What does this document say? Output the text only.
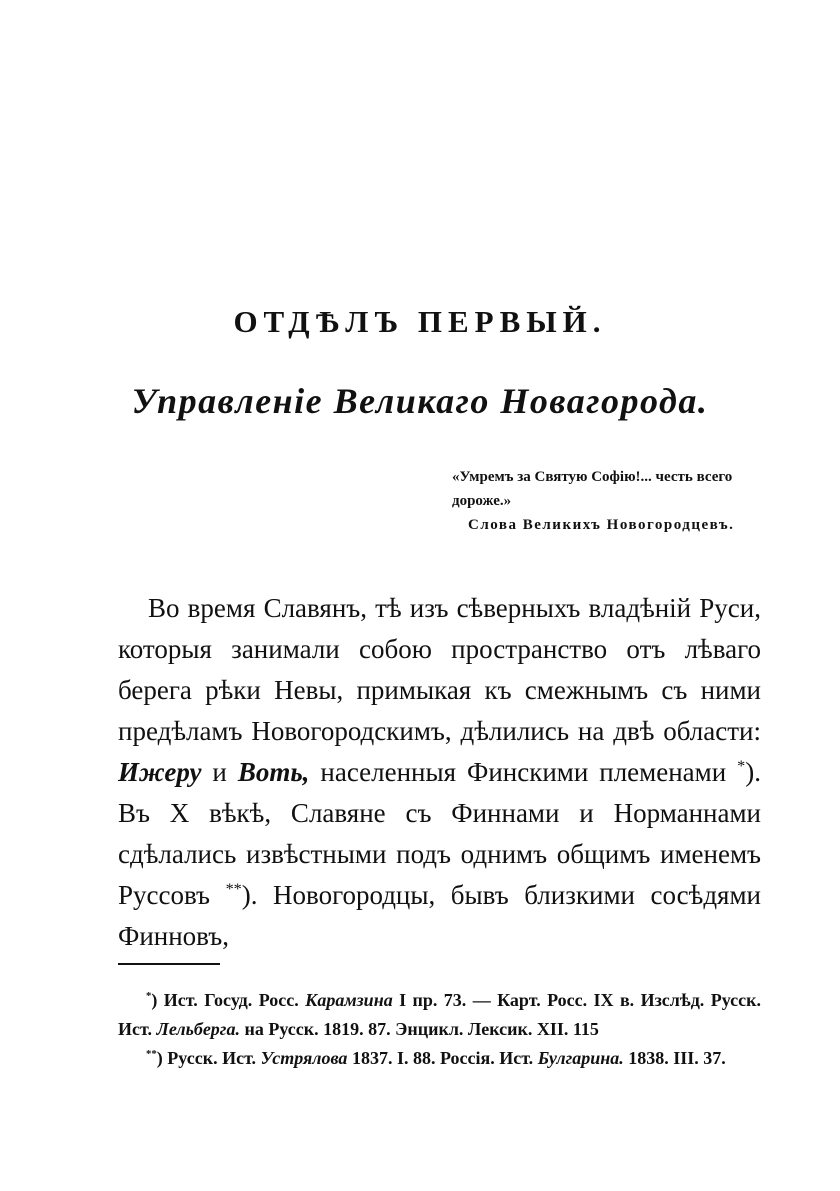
ОТДѢЛЪ ПЕРВЫЙ.
Управленіе Великаго Новагорода.
«Умремъ за Святую Софію!... честь всего дороже.»
Слова Великихъ Новогородцевъ.

Во время Славянъ, тѣ изъ сѣверныхъ владѣній Руси, которыя занимали собою пространство отъ лѣваго берега рѣки Невы, примыкая къ смежнымъ съ ними предѣламъ Новогородскимъ, дѣлились на двѣ области: Ижеру и Воть, населенныя Финскими племенами *). Въ X вѣкѣ, Славяне съ Финнами и Норманнами сдѣлались извѣстными подъ однимъ общимъ именемъ Руссовъ **). Новогородцы, бывъ близкими сосѣдями Финновъ,

*) Ист. Госуд. Росс. Карамзина I пр. 73. — Карт. Росс. IX в. Изслѣд. Русск. Ист. Лельберга. на Русск. 1819. 87. Энцикл. Лексик. XII. 115

**) Русск. Ист. Устрялова 1837. I. 88. Россія. Ист. Булгарина. 1838. III. 37.
